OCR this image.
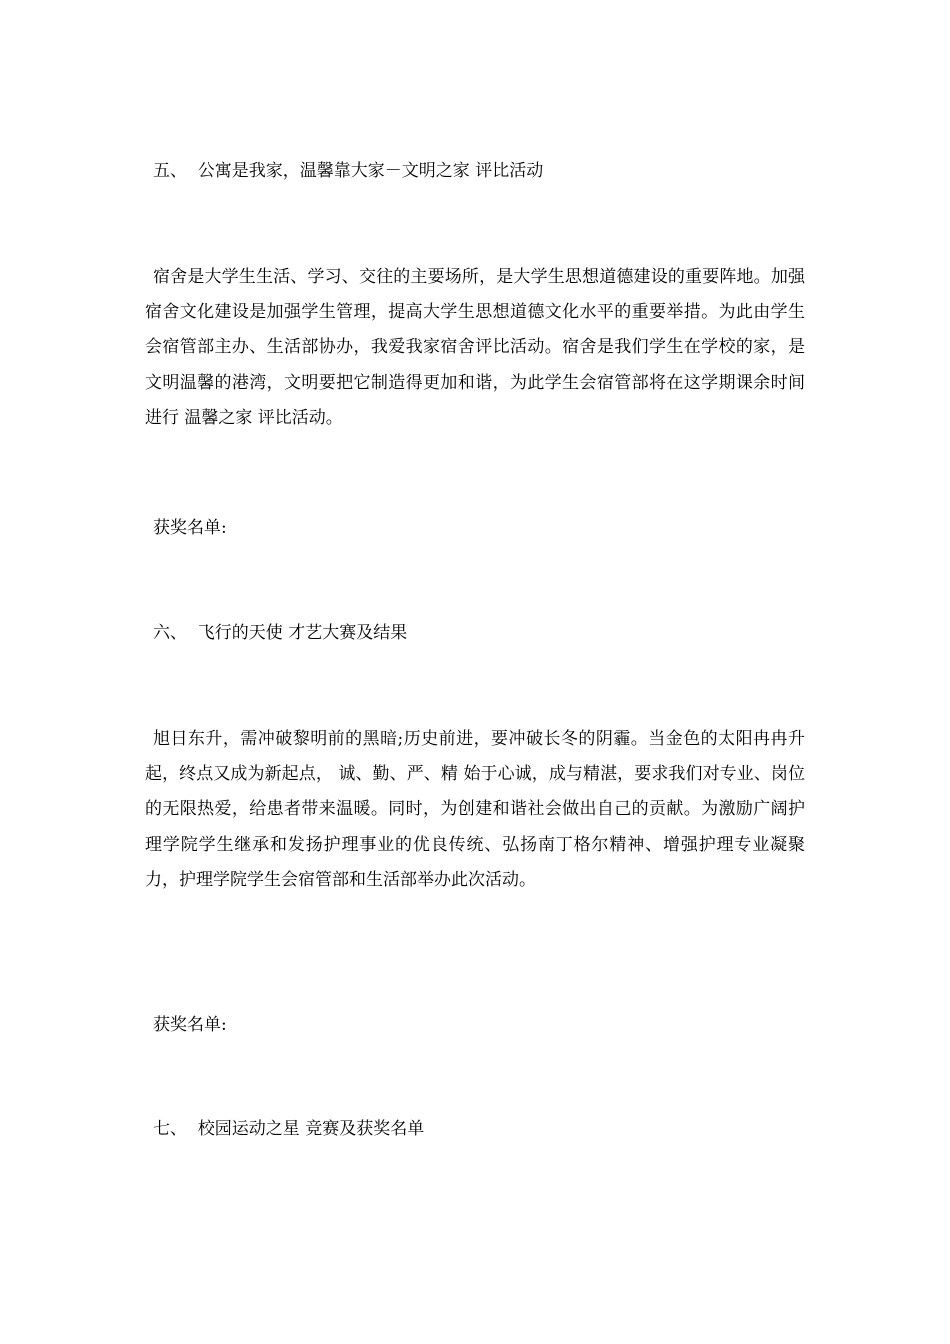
五、  公寓是我家，温馨靠大家－文明之家 评比活动
宿舍是大学生生活、学习、交往的主要场所，是大学生思想道德建设的重要阵地。加强宿舍文化建设是加强学生管理，提高大学生思想道德文化水平的重要举措。为此由学生会宿管部主办、生活部协办，我爱我家宿舍评比活动。宿舍是我们学生在学校的家，是文明温馨的港湾，文明要把它制造得更加和谐，为此学生会宿管部将在这学期课余时间进行 温馨之家 评比活动。
获奖名单:
六、  飞行的天使 才艺大赛及结果
旭日东升，需冲破黎明前的黑暗;历史前进，要冲破长冬的阴霾。当金色的太阳冉冉升起，终点又成为新起点， 诚、勤、严、精 始于心诚，成与精湛，要求我们对专业、岗位的无限热爱，给患者带来温暖。同时，为创建和谐社会做出自己的贡献。为激励广阔护理学院学生继承和发扬护理事业的优良传统、弘扬南丁格尔精神、增强护理专业凝聚力，护理学院学生会宿管部和生活部举办此次活动。
获奖名单:
七、  校园运动之星 竞赛及获奖名单
